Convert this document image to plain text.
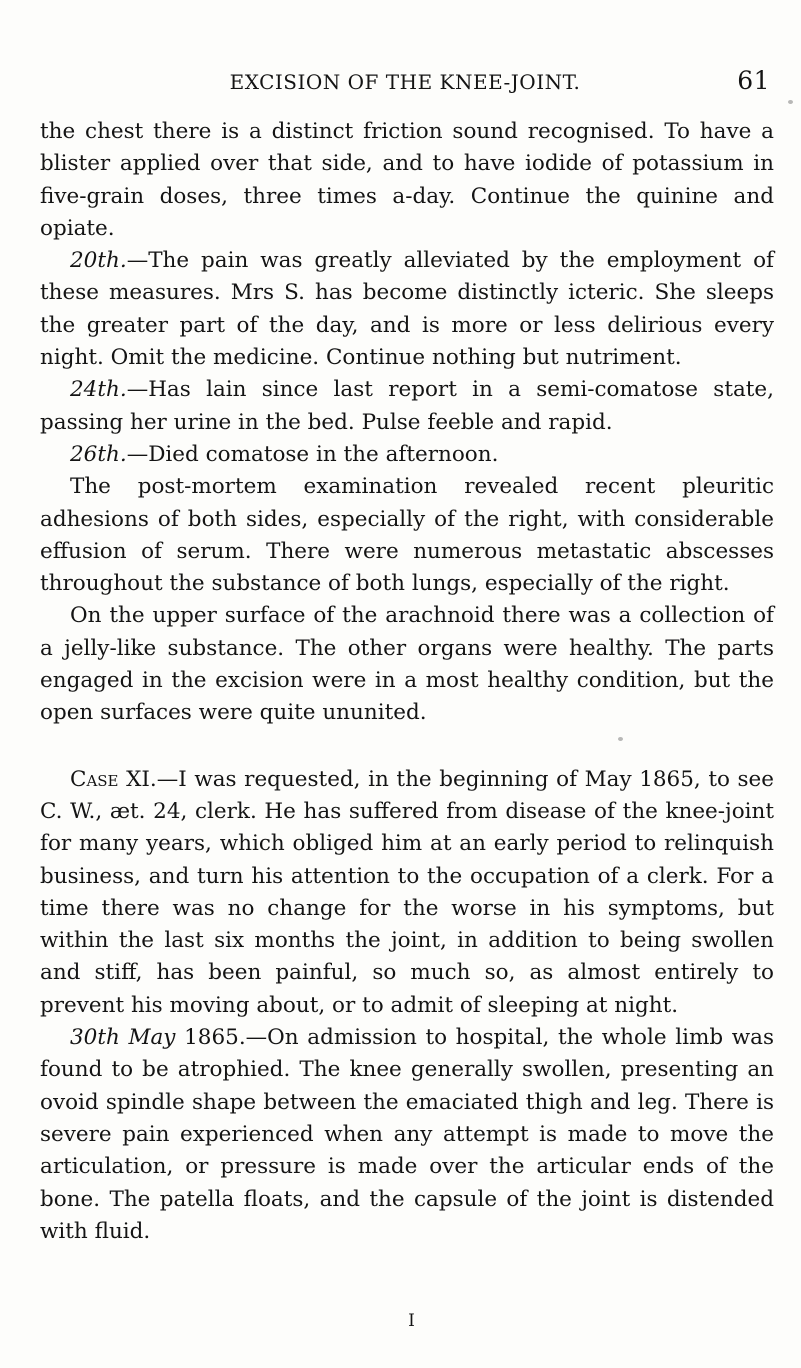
EXCISION OF THE KNEE-JOINT.	61

the chest there is a distinct friction sound recognised. To have a blister applied over that side, and to have iodide of potassium in five-grain doses, three times a-day. Continue the quinine and opiate.

20th.—The pain was greatly alleviated by the employment of these measures. Mrs S. has become distinctly icteric. She sleeps the greater part of the day, and is more or less delirious every night. Omit the medicine. Continue nothing but nutriment.

24th.—Has lain since last report in a semi-comatose state, passing her urine in the bed. Pulse feeble and rapid.

26th.—Died comatose in the afternoon.

The post-mortem examination revealed recent pleuritic adhesions of both sides, especially of the right, with considerable effusion of serum. There were numerous metastatic abscesses throughout the substance of both lungs, especially of the right.

On the upper surface of the arachnoid there was a collection of a jelly-like substance. The other organs were healthy. The parts engaged in the excision were in a most healthy condition, but the open surfaces were quite ununited.

Case XI.—I was requested, in the beginning of May 1865, to see C. W., æt. 24, clerk. He has suffered from disease of the knee-joint for many years, which obliged him at an early period to relinquish business, and turn his attention to the occupation of a clerk. For a time there was no change for the worse in his symptoms, but within the last six months the joint, in addition to being swollen and stiff, has been painful, so much so, as almost entirely to prevent his moving about, or to admit of sleeping at night.

30th May 1865.—On admission to hospital, the whole limb was found to be atrophied. The knee generally swollen, presenting an ovoid spindle shape between the emaciated thigh and leg. There is severe pain experienced when any attempt is made to move the articulation, or pressure is made over the articular ends of the bone. The patella floats, and the capsule of the joint is distended with fluid.

I
